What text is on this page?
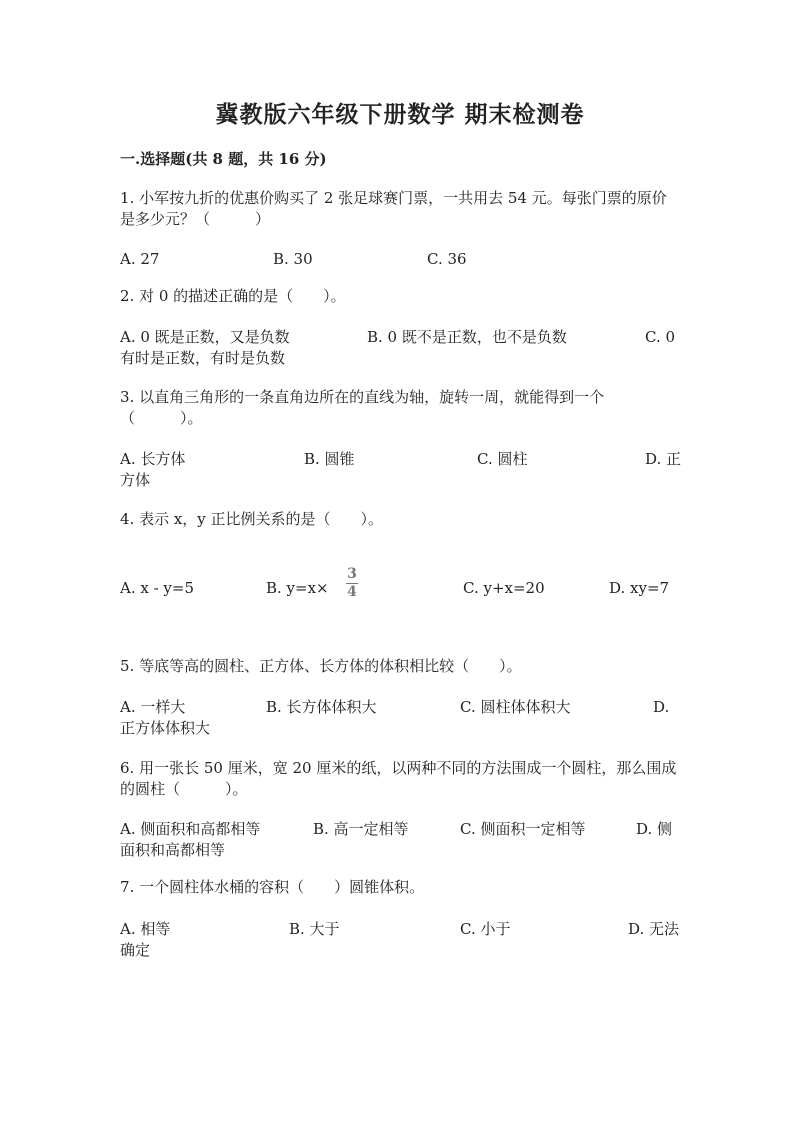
冀教版六年级下册数学 期末检测卷
一.选择题(共 8 题，共 16 分)
1. 小军按九折的优惠价购买了 2 张足球赛门票，一共用去 54 元。每张门票的原价是多少元？（　　　）
A. 27	B. 30	C. 36
2. 对 0 的描述正确的是（　　）。
A. 0 既是正数，又是负数	B. 0 既不是正数，也不是负数	C. 0
有时是正数，有时是负数
3. 以直角三角形的一条直角边所在的直线为轴，旋转一周，就能得到一个（　　　）。
A. 长方体	B. 圆锥	C. 圆柱	D. 正
方体
4. 表示 x，y 正比例关系的是（　　）。
A. x - y=5	B. y=x×
3
4	C. y+x=20	D. xy=7
5. 等底等高的圆柱、正方体、长方体的体积相比较（　　）。
A. 一样大	B. 长方体体积大	C. 圆柱体体积大	D.
正方体体积大
6. 用一张长 50 厘米，宽 20 厘米的纸，以两种不同的方法围成一个圆柱，那么围成的圆柱（　　　）。
A. 侧面积和高都相等	B. 高一定相等	C. 侧面积一定相等	D. 侧
面积和高都相等
7. 一个圆柱体水桶的容积（　　）圆锥体积。
A. 相等	B. 大于	C. 小于	D. 无法
确定
